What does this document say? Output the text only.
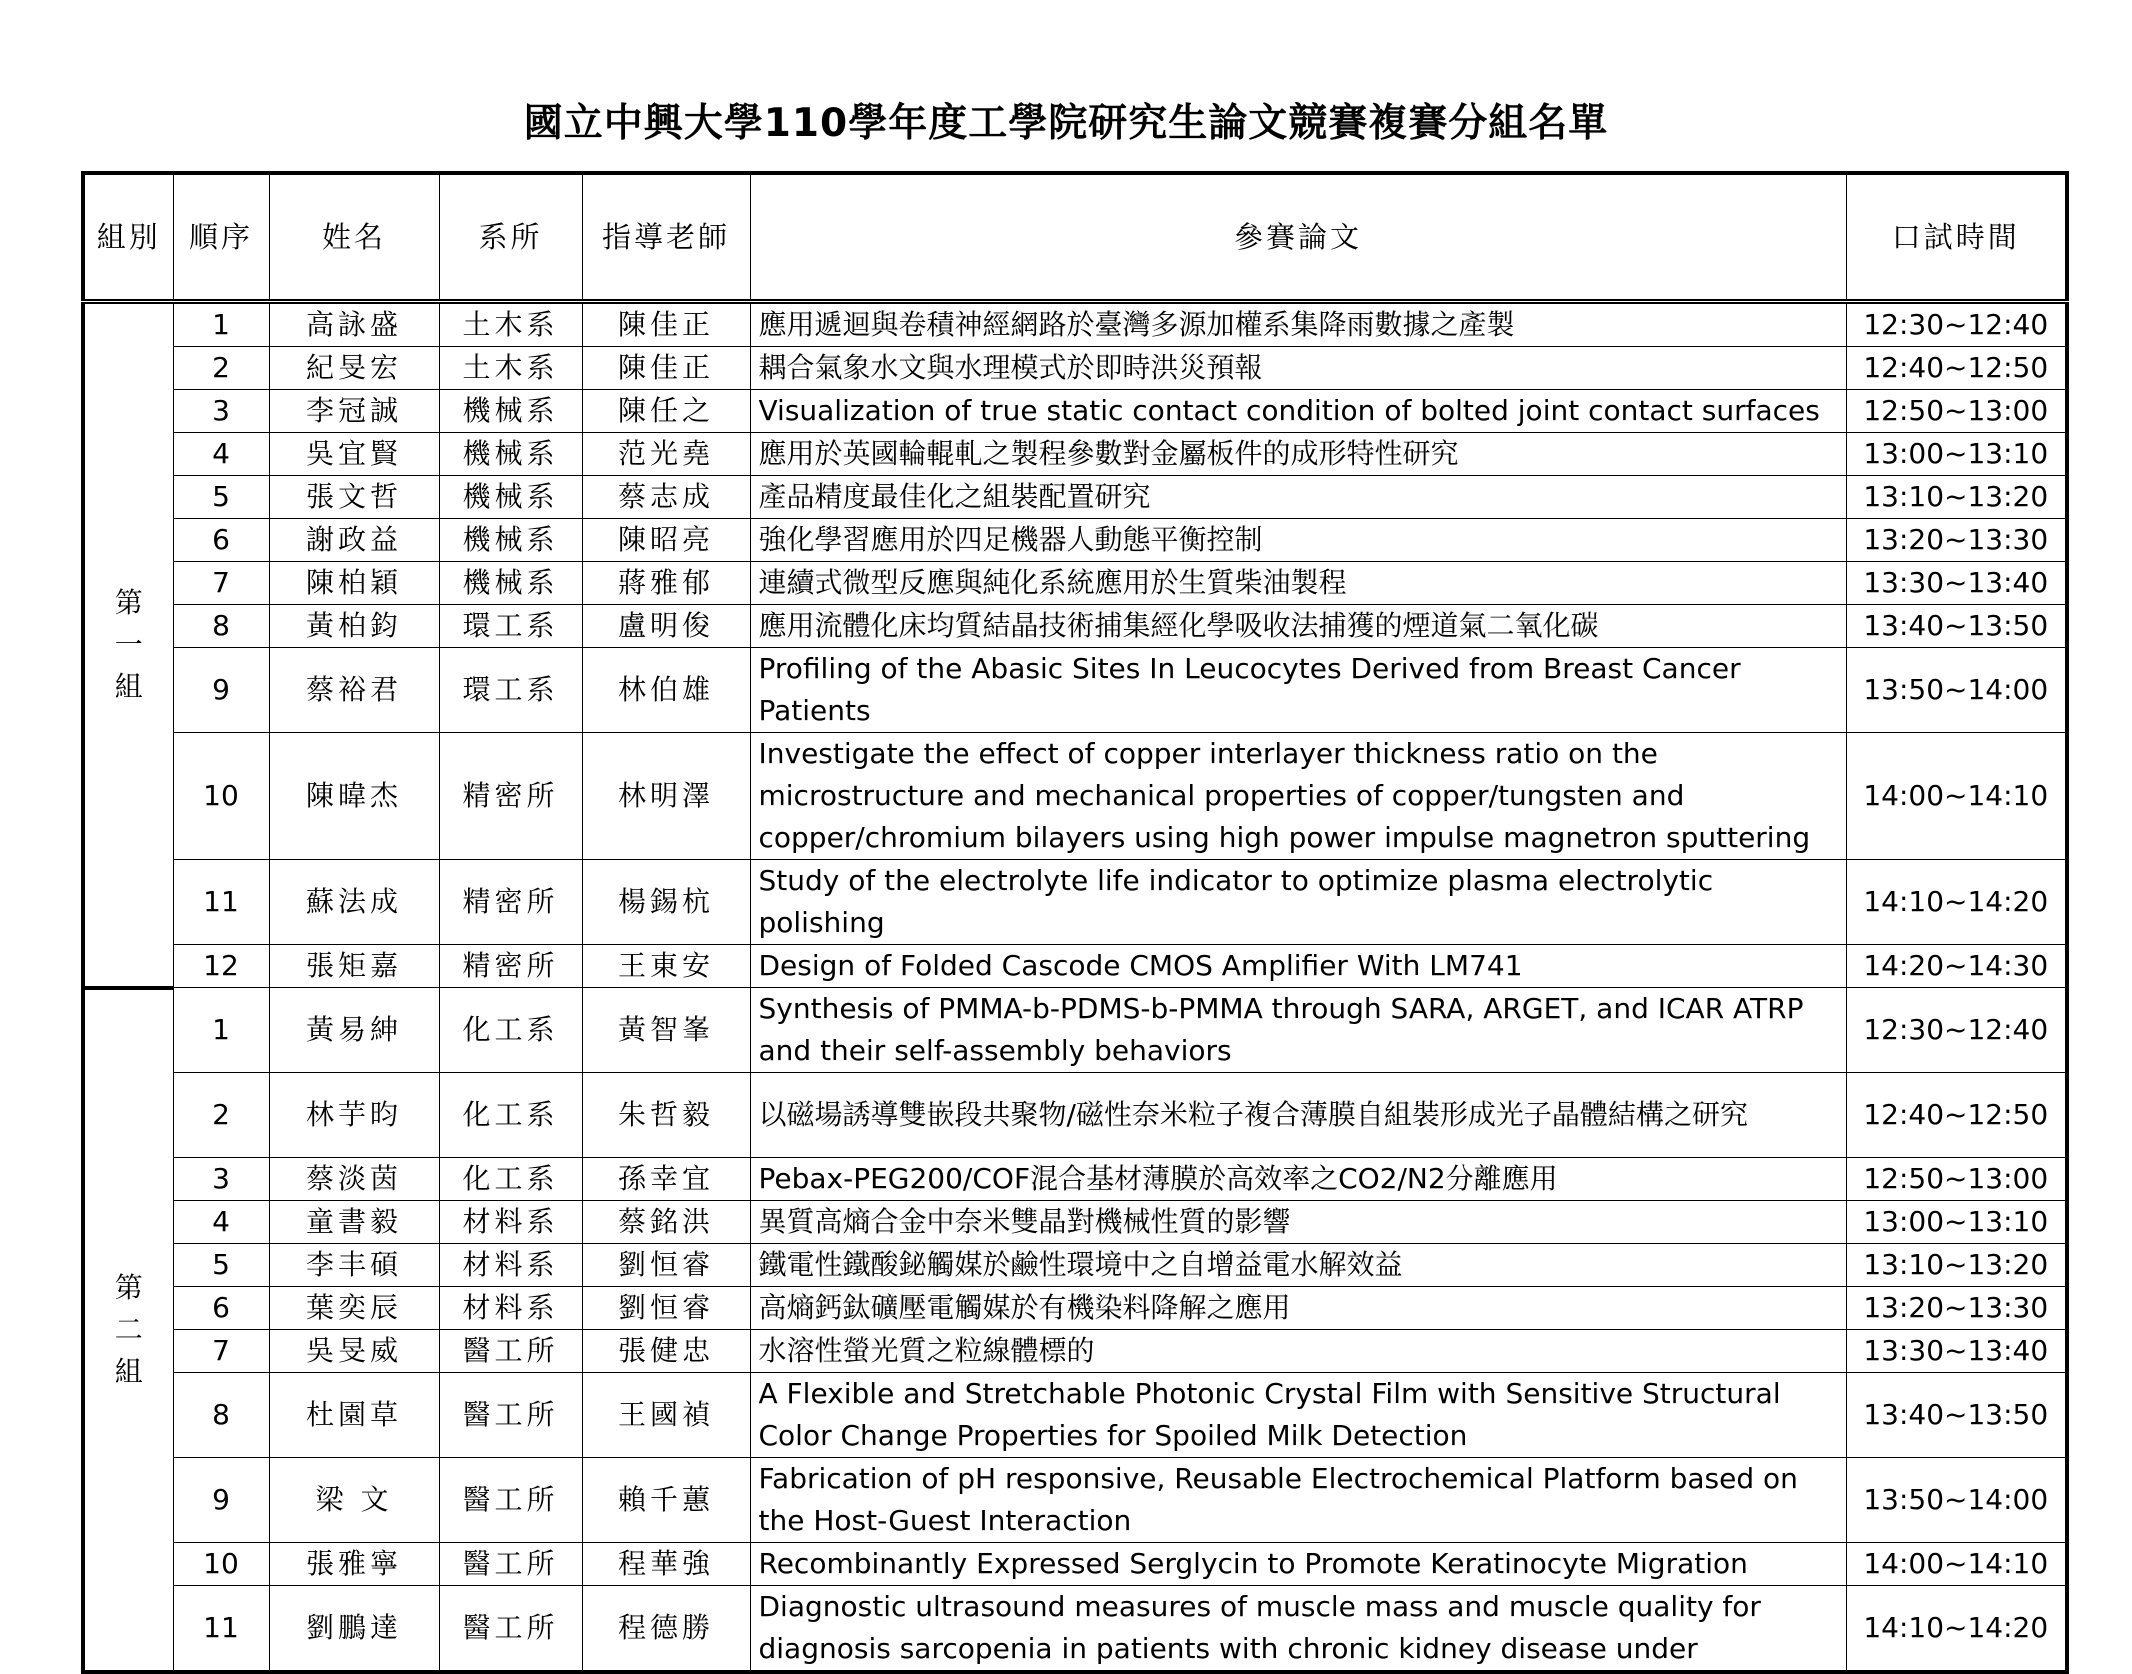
國立中興大學110學年度工學院研究生論文競賽複賽分組名單
組別	順序	姓名	系所	指導老師	參賽論文	口試時間

第
一
組	1	高詠盛	土木系	陳佳正	應用遞迴與卷積神經網路於臺灣多源加權系集降雨數據之產製	12:30~12:40
	2	紀旻宏	土木系	陳佳正	耦合氣象水文與水理模式於即時洪災預報	12:40~12:50
	3	李冠誠	機械系	陳任之	Visualization of true static contact condition of bolted joint contact surfaces	12:50~13:00
	4	吳宜賢	機械系	范光堯	應用於英國輪輥軋之製程參數對金屬板件的成形特性研究	13:00~13:10
	5	張文哲	機械系	蔡志成	產品精度最佳化之組裝配置研究	13:10~13:20
	6	謝政益	機械系	陳昭亮	強化學習應用於四足機器人動態平衡控制	13:20~13:30
	7	陳柏穎	機械系	蔣雅郁	連續式微型反應與純化系統應用於生質柴油製程	13:30~13:40
	8	黃柏鈞	環工系	盧明俊	應用流體化床均質結晶技術捕集經化學吸收法捕獲的煙道氣二氧化碳	13:40~13:50
	9	蔡裕君	環工系	林伯雄	Profiling of the Abasic Sites In Leucocytes Derived from Breast Cancer Patients	13:50~14:00
	10	陳暐杰	精密所	林明澤	Investigate the effect of copper interlayer thickness ratio on the microstructure and mechanical properties of copper/tungsten and copper/chromium bilayers using high power impulse magnetron sputtering	14:00~14:10
	11	蘇法成	精密所	楊錫杭	Study of the electrolyte life indicator to optimize plasma electrolytic polishing	14:10~14:20
	12	張矩嘉	精密所	王東安	Design of Folded Cascode CMOS Amplifier With LM741	14:20~14:30

第
二
組	1	黃易紳	化工系	黃智峯	Synthesis of PMMA-b-PDMS-b-PMMA through SARA, ARGET, and ICAR ATRP and their self-assembly behaviors	12:30~12:40
	2	林芋昀	化工系	朱哲毅	以磁場誘導雙嵌段共聚物/磁性奈米粒子複合薄膜自組裝形成光子晶體結構之研究	12:40~12:50
	3	蔡淡茵	化工系	孫幸宜	Pebax-PEG200/COF混合基材薄膜於高效率之CO2/N2分離應用	12:50~13:00
	4	童書毅	材料系	蔡銘洪	異質高熵合金中奈米雙晶對機械性質的影響	13:00~13:10
	5	李丰碩	材料系	劉恒睿	鐵電性鐵酸鉍觸媒於鹼性環境中之自增益電水解效益	13:10~13:20
	6	葉奕辰	材料系	劉恒睿	高熵鈣鈦礦壓電觸媒於有機染料降解之應用	13:20~13:30
	7	吳旻威	醫工所	張健忠	水溶性螢光質之粒線體標的	13:30~13:40
	8	杜園草	醫工所	王國禎	A Flexible and Stretchable Photonic Crystal Film with Sensitive Structural Color Change Properties for Spoiled Milk Detection	13:40~13:50
	9	梁 文	醫工所	賴千蕙	Fabrication of pH responsive, Reusable Electrochemical Platform based on the Host-Guest Interaction	13:50~14:00
	10	張雅寧	醫工所	程華強	Recombinantly Expressed Serglycin to Promote Keratinocyte Migration	14:00~14:10
	11	劉鵬達	醫工所	程德勝	Diagnostic ultrasound measures of muscle mass and muscle quality for diagnosis sarcopenia in patients with chronic kidney disease under	14:10~14:20
